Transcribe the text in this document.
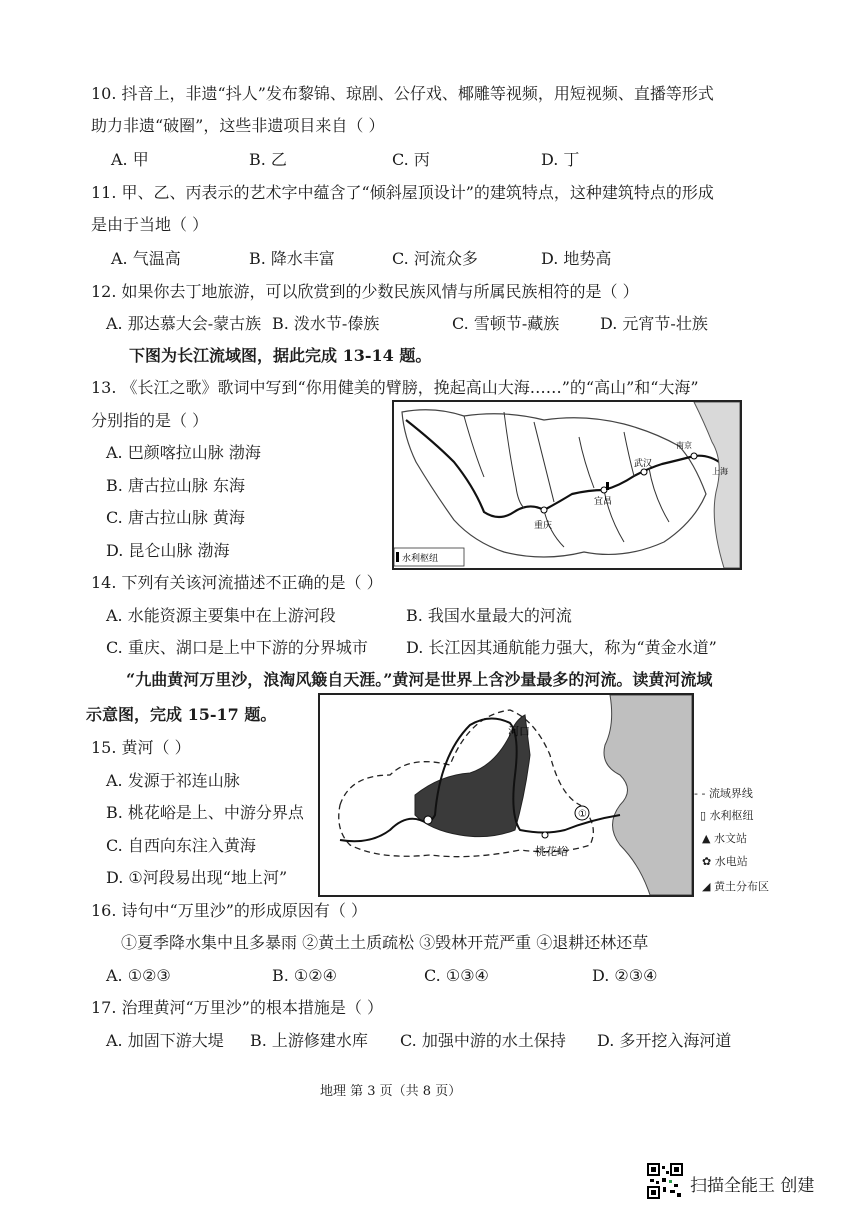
10. 抖音上，非遗“抖人”发布黎锦、琼剧、公仔戏、椰雕等视频，用短视频、直播等形式
助力非遗“破圈”，这些非遗项目来自（ ）
A. 甲	B. 乙	C. 丙	D. 丁
11. 甲、乙、丙表示的艺术字中蕴含了“倾斜屋顶设计”的建筑特点，这种建筑特点的形成
是由于当地（ ）
A. 气温高	B. 降水丰富	C. 河流众多	D. 地势高
12. 如果你去丁地旅游，可以欣赏到的少数民族风情与所属民族相符的是（ ）
A. 那达慕大会-蒙古族 B. 泼水节-傣族	C. 雪顿节-藏族	D. 元宵节-壮族
下图为长江流域图，据此完成 13-14 题。
13. 《长江之歌》歌词中写到“你用健美的臂膀，挽起高山大海……”的“高山”和“大海”
分别指的是（ ）
A. 巴颜喀拉山脉 渤海
B. 唐古拉山脉 东海
C. 唐古拉山脉 黄海
D. 昆仑山脉 渤海
重庆
宜昌
武汉
南京
上海
水利枢纽
14. 下列有关该河流描述不正确的是（ ）
A. 水能资源主要集中在上游河段	B. 我国水量最大的河流
C. 重庆、湖口是上中下游的分界城市 D. 长江因其通航能力强大，称为“黄金水道”
“九曲黄河万里沙，浪淘风簸自天涯。”黄河是世界上含沙量最多的河流。读黄河流域
示意图，完成 15-17 题。
15. 黄河（ ）
A. 发源于祁连山脉
B. 桃花峪是上、中游分界点
C. 自西向东注入黄海
D. ①河段易出现“地上河”
①
河口
桃花峪
- - 流域界线
▯ 水利枢纽
▲ 水文站
✿ 水电站
◢ 黄土分布区
16. 诗句中“万里沙”的形成原因有（ ）
①夏季降水集中且多暴雨 ②黄土土质疏松 ③毁林开荒严重 ④退耕还林还草
A. ①②③	B. ①②④	C. ①③④	D. ②③④
17. 治理黄河“万里沙”的根本措施是（ ）
A. 加固下游大堤 B. 上游修建水库 C. 加强中游的水土保持 D. 多开挖入海河道
地理 第 3 页（共 8 页）
扫描全能王 创建
